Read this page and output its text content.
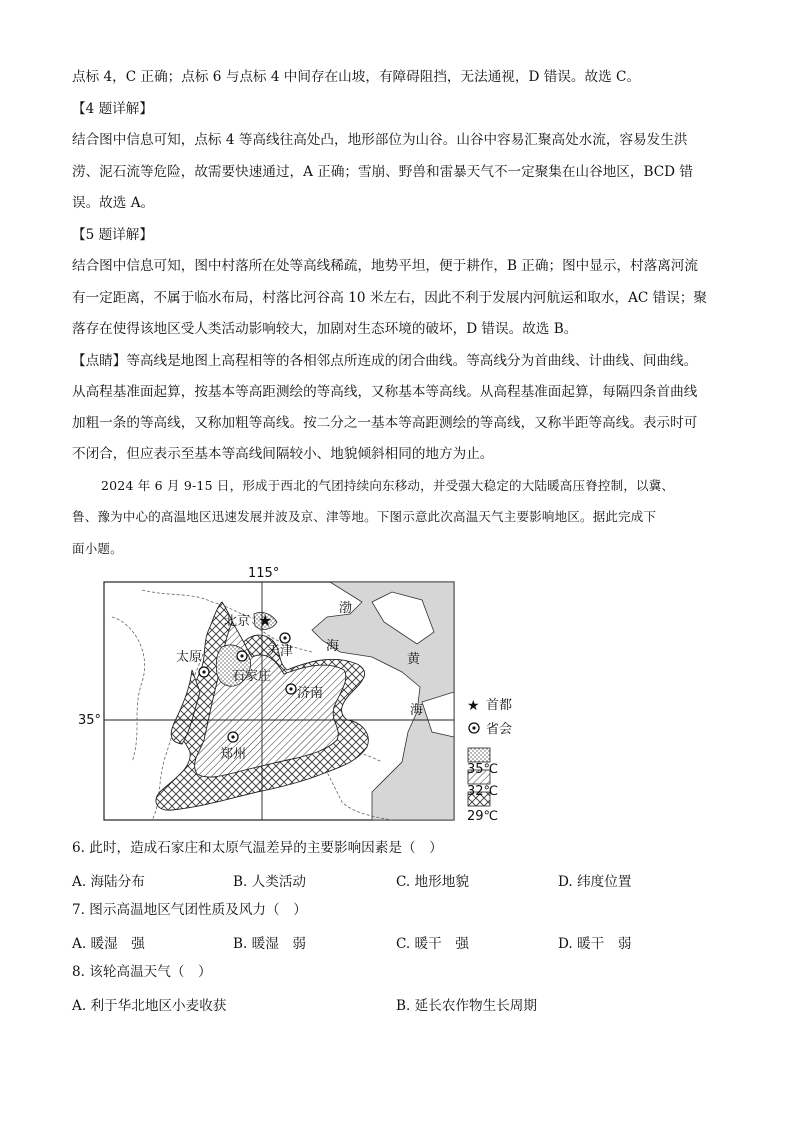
点标 4，C 正确；点标 6 与点标 4 中间存在山坡，有障碍阻挡，无法通视，D 错误。故选 C。
【4 题详解】
结合图中信息可知，点标 4 等高线往高处凸，地形部位为山谷。山谷中容易汇聚高处水流，容易发生洪
涝、泥石流等危险，故需要快速通过，A 正确；雪崩、野兽和雷暴天气不一定聚集在山谷地区，BCD 错
误。故选 A。
【5 题详解】
结合图中信息可知，图中村落所在处等高线稀疏，地势平坦，便于耕作，B 正确；图中显示，村落离河流
有一定距离，不属于临水布局，村落比河谷高 10 米左右，因此不利于发展内河航运和取水，AC 错误；聚
落存在使得该地区受人类活动影响较大，加剧对生态环境的破坏，D 错误。故选 B。
【点睛】等高线是地图上高程相等的各相邻点所连成的闭合曲线。等高线分为首曲线、计曲线、间曲线。
从高程基准面起算，按基本等高距测绘的等高线，又称基本等高线。从高程基准面起算，每隔四条首曲线
加粗一条的等高线，又称加粗等高线。按二分之一基本等高距测绘的等高线，又称半距等高线。表示时可
不闭合，但应表示至基本等高线间隔较小、地貌倾斜相同的地方为止。
2024 年 6 月 9-15 日，形成于西北的气团持续向东移动，并受强大稳定的大陆暖高压脊控制，以冀、
鲁、豫为中心的高温地区迅速发展并波及京、津等地。下图示意此次高温天气主要影响地区。据此完成下
面小题。
115°
35°
★
北京
天津
太原
石家庄
济南
郑州
渤
海
黄
海	★ 首都
省会
35℃
32℃
29℃
6. 此时，造成石家庄和太原气温差异的主要影响因素是（　）
A. 海陆分布	B. 人类活动	C. 地形地貌	D. 纬度位置
7. 图示高温地区气团性质及风力（　）
A. 暖湿　强	B. 暖湿　弱	C. 暖干　强	D. 暖干　弱
8. 该轮高温天气（　）
A. 利于华北地区小麦收获	B. 延长农作物生长周期
